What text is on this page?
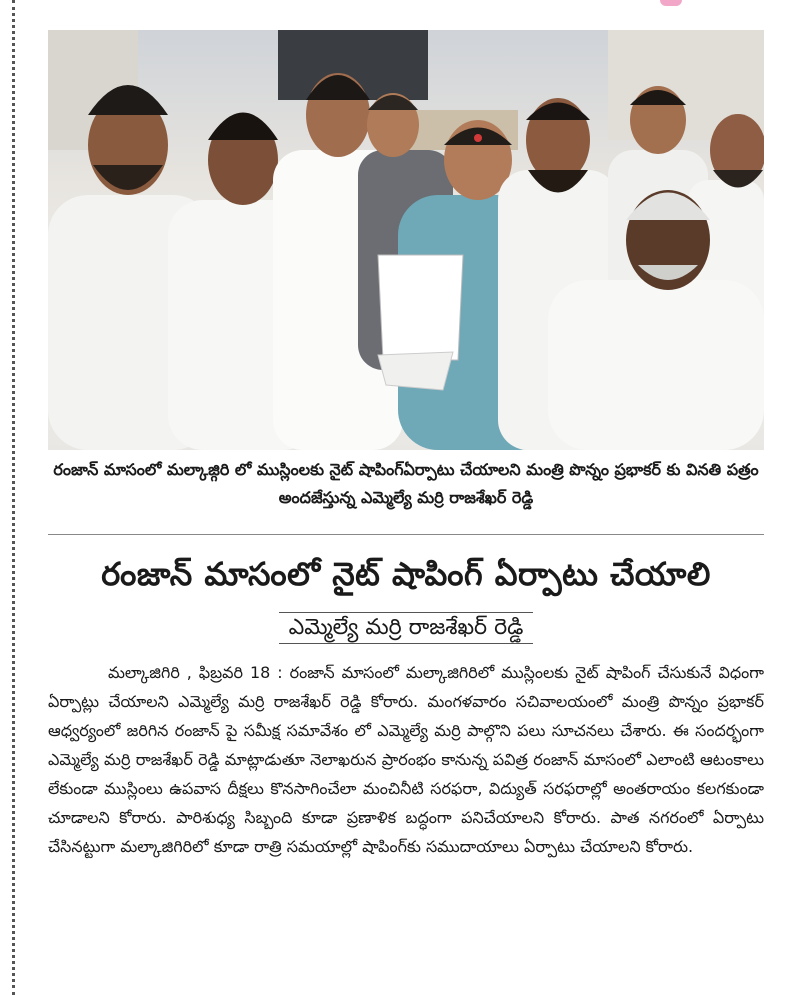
రంజాన్ మాసంలో మల్కాజ్గిరి లో ముస్లింలకు నైట్ షాపింగ్‌ఏర్పాటు చేయాలని మంత్రి పొన్నం ప్రభాకర్ కు వినతి పత్రం అందజేస్తున్న ఎమ్మెల్యే మర్రి రాజశేఖర్ రెడ్డి
రంజాన్ మాసంలో నైట్ షాపింగ్ ఏర్పాటు చేయాలి
ఎమ్మెల్యే మర్రి రాజశేఖర్ రెడ్డి

మల్కాజిగిరి , ఫిబ్రవరి 18 : రంజాన్ మాసంలో మల్కాజిగిరిలో ముస్లింలకు నైట్ షాపింగ్ చేసుకునే విధంగా ఏర్పాట్లు చేయాలని ఎమ్మెల్యే మర్రి రాజశేఖర్ రెడ్డి కోరారు. మంగళవారం సచివాలయంలో మంత్రి పొన్నం ప్రభాకర్ ఆధ్వర్యంలో జరిగిన రంజాన్ పై సమీక్ష సమావేశం లో ఎమ్మెల్యే మర్రి పాల్గొని పలు సూచనలు చేశారు. ఈ సందర్భంగా ఎమ్మెల్యే మర్రి రాజశేఖర్ రెడ్డి మాట్లాడుతూ నెలాఖరున ప్రారంభం కానున్న పవిత్ర రంజాన్ మాసంలో ఎలాంటి ఆటంకాలు లేకుండా ముస్లింలు ఉపవాస దీక్షలు కొనసాగించేలా మంచినీటి సరఫరా, విద్యుత్ సరఫరాల్లో అంతరాయం కలగకుండా చూడాలని కోరారు. పారిశుధ్య సిబ్బంది కూడా ప్రణాళిక బద్ధంగా పనిచేయాలని కోరారు. పాత నగరంలో ఏర్పాటు చేసినట్టుగా మల్కాజిగిరిలో కూడా రాత్రి సమయాల్లో షాపింగ్‌కు సముదాయాలు ఏర్పాటు చేయాలని కోరారు.
